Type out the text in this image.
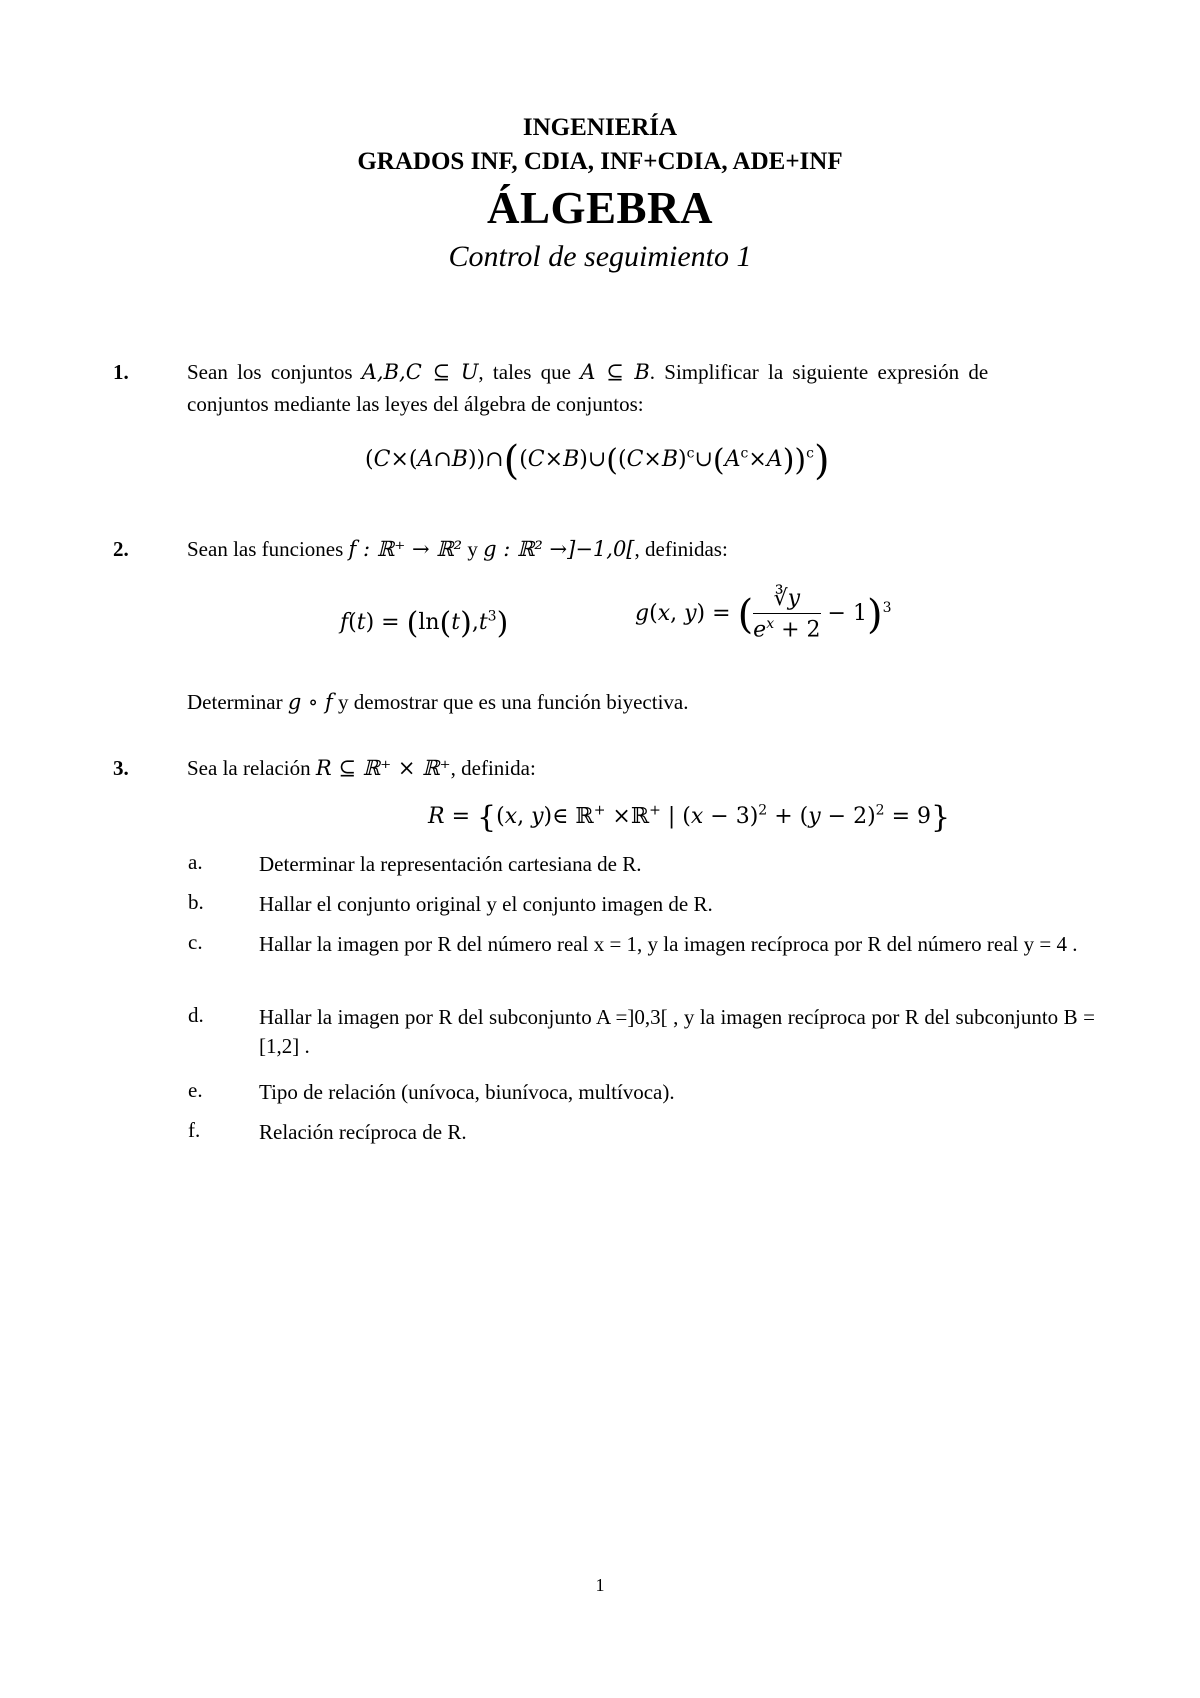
INGENIERÍA
GRADOS INF, CDIA, INF+CDIA, ADE+INF
ÁLGEBRA
Control de seguimiento 1
1.	Sean los conjuntos A,B,C ⊆ U, tales que A ⊆ B. Simplificar la siguiente expresión de
conjuntos mediante las leyes del álgebra de conjuntos:
$(C\times(A\cap B))\cap((C\times B)\cup((C\times B)^c\cup(A^c\times A))^c)$
2.	Sean las funciones f : ℝ⁺ → ℝ² y g : ℝ² →]−1,0[, definidas:
$f(t) = (\ln(t),t^3)$	g(x, y) = ( $\frac{∛y}{e^x + 2} - 1)^3$
Determinar g ∘ f y demostrar que es una función biyectiva.
3.	Sea la relación R ⊆ ℝ⁺ × ℝ⁺, definida:
R = {(x, y)∈ ℝ+ ×ℝ+ | $(x - 3)^2 + (y - 2)^2 = 9$}
a.	Determinar la representación cartesiana de R.
b.	Hallar el conjunto original y el conjunto imagen de R.
c.	Hallar la imagen por R del número real x = 1, y la imagen recíproca por R del número real y = 4 .
d.	Hallar la imagen por R del subconjunto A =]0,3[ , y la imagen recíproca por R del subconjunto B = [1,2] .
e.	Tipo de relación (unívoca, biunívoca, multívoca).
f.	Relación recíproca de R.
1
